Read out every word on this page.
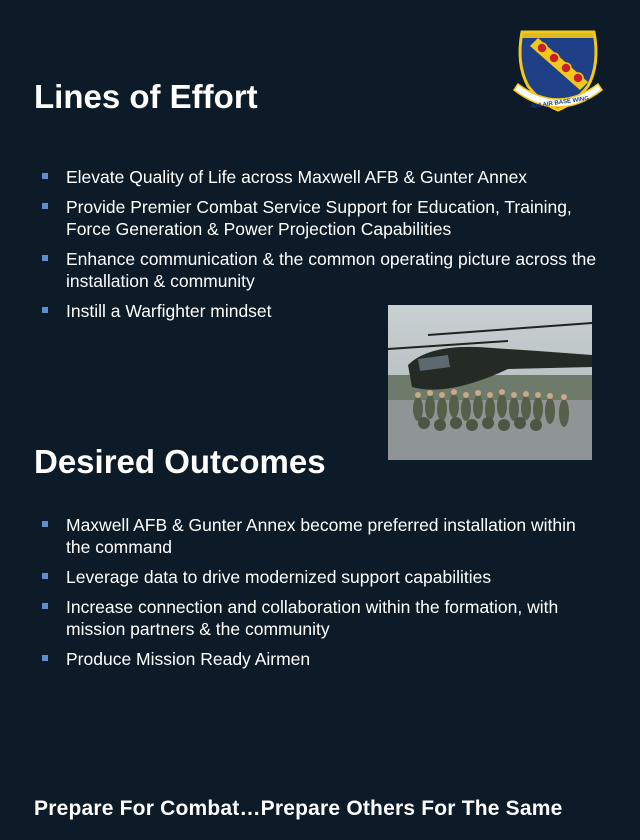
42d AIR BASE WING
Lines of Effort
Elevate Quality of Life across Maxwell AFB & Gunter Annex
Provide Premier Combat Service Support for Education, Training, Force Generation & Power Projection Capabilities
Enhance communication & the common operating picture across the installation & community
Instill a Warfighter mindset
Desired Outcomes
Maxwell AFB & Gunter Annex become preferred installation within the command
Leverage data to drive modernized support capabilities
Increase connection and collaboration within the formation, with mission partners & the community
Produce Mission Ready Airmen
Prepare For Combat…Prepare Others For The Same
